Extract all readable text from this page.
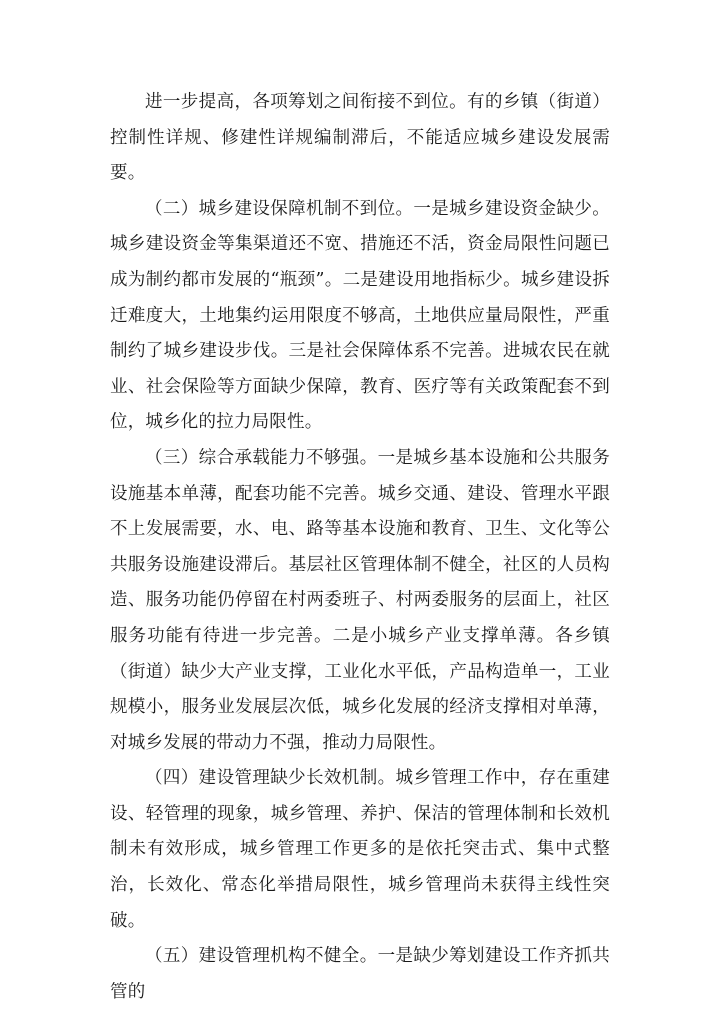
进一步提高，各项筹划之间衔接不到位。有的乡镇（街道）控制性详规、修建性详规编制滞后，不能适应城乡建设发展需要。

（二）城乡建设保障机制不到位。一是城乡建设资金缺少。城乡建设资金等集渠道还不宽、措施还不活，资金局限性问题已成为制约都市发展的“瓶颈”。二是建设用地指标少。城乡建设拆迁难度大，土地集约运用限度不够高，土地供应量局限性，严重制约了城乡建设步伐。三是社会保障体系不完善。进城农民在就业、社会保险等方面缺少保障，教育、医疗等有关政策配套不到位，城乡化的拉力局限性。

（三）综合承载能力不够强。一是城乡基本设施和公共服务设施基本单薄，配套功能不完善。城乡交通、建设、管理水平跟不上发展需要，水、电、路等基本设施和教育、卫生、文化等公共服务设施建设滞后。基层社区管理体制不健全，社区的人员构造、服务功能仍停留在村两委班子、村两委服务的层面上，社区服务功能有待进一步完善。二是小城乡产业支撑单薄。各乡镇（街道）缺少大产业支撑，工业化水平低，产品构造单一，工业规模小，服务业发展层次低，城乡化发展的经济支撑相对单薄，对城乡发展的带动力不强，推动力局限性。

（四）建设管理缺少长效机制。城乡管理工作中，存在重建设、轻管理的现象，城乡管理、养护、保洁的管理体制和长效机制未有效形成，城乡管理工作更多的是依托突击式、集中式整治，长效化、常态化举措局限性，城乡管理尚未获得主线性突破。

（五）建设管理机构不健全。一是缺少筹划建设工作齐抓共管的
